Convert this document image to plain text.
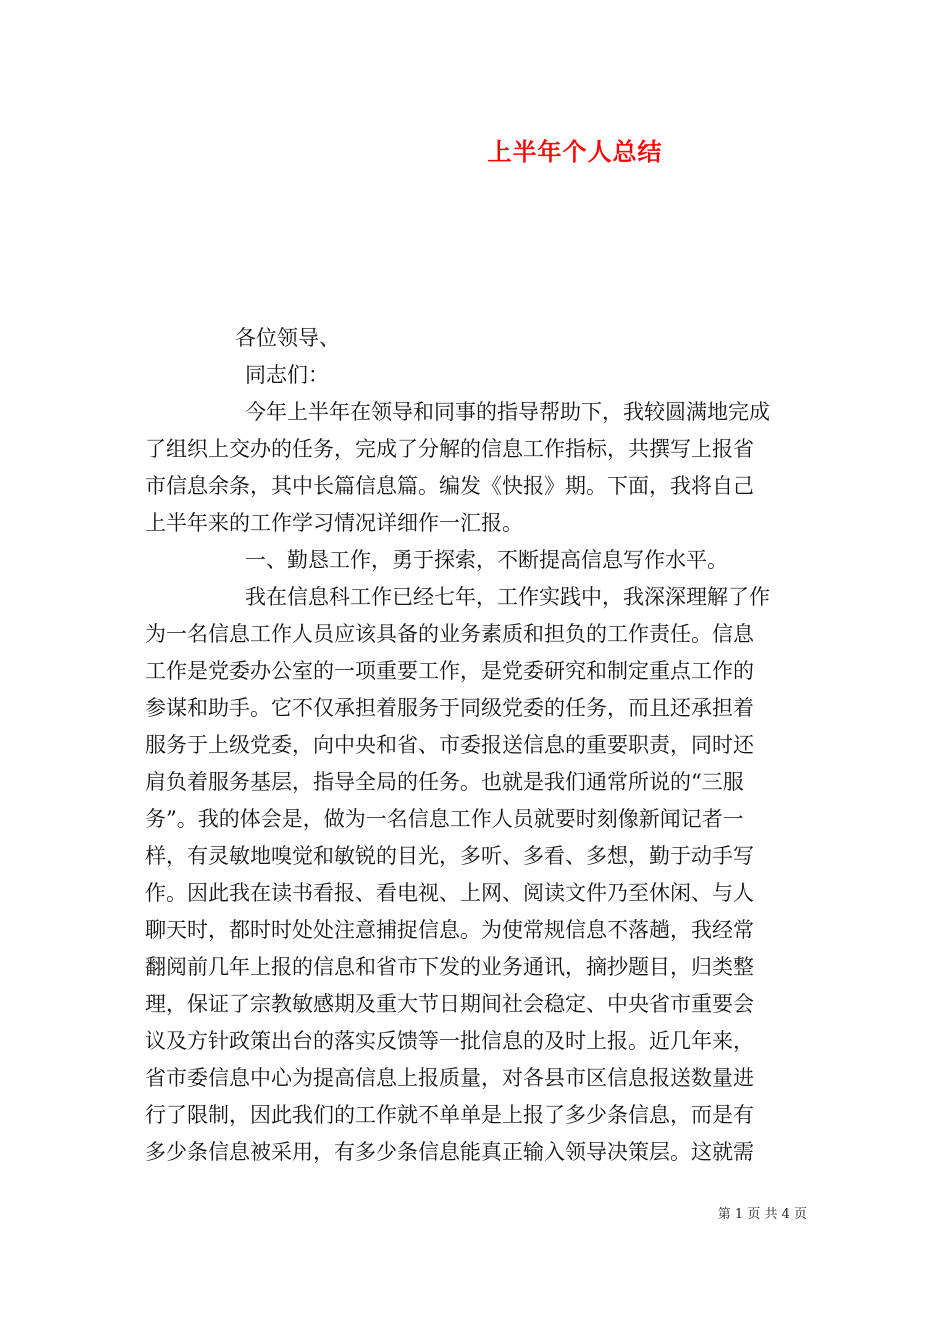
上半年个人总结
各位领导、
同志们：
今年上半年在领导和同事的指导帮助下，我较圆满地完成
了组织上交办的任务，完成了分解的信息工作指标，共撰写上报省
市信息余条，其中长篇信息篇。编发《快报》期。下面，我将自己
上半年来的工作学习情况详细作一汇报。
一、勤恳工作，勇于探索，不断提高信息写作水平。
我在信息科工作已经七年，工作实践中，我深深理解了作
为一名信息工作人员应该具备的业务素质和担负的工作责任。信息
工作是党委办公室的一项重要工作，是党委研究和制定重点工作的
参谋和助手。它不仅承担着服务于同级党委的任务，而且还承担着
服务于上级党委，向中央和省、市委报送信息的重要职责，同时还
肩负着服务基层，指导全局的任务。也就是我们通常所说的“三服
务”。我的体会是，做为一名信息工作人员就要时刻像新闻记者一
样，有灵敏地嗅觉和敏锐的目光，多听、多看、多想，勤于动手写
作。因此我在读书看报、看电视、上网、阅读文件乃至休闲、与人
聊天时，都时时处处注意捕捉信息。为使常规信息不落趟，我经常
翻阅前几年上报的信息和省市下发的业务通讯，摘抄题目，归类整
理，保证了宗教敏感期及重大节日期间社会稳定、中央省市重要会
议及方针政策出台的落实反馈等一批信息的及时上报。近几年来，
省市委信息中心为提高信息上报质量，对各县市区信息报送数量进
行了限制，因此我们的工作就不单单是上报了多少条信息，而是有
多少条信息被采用，有多少条信息能真正输入领导决策层。这就需
第 1 页 共 4 页
